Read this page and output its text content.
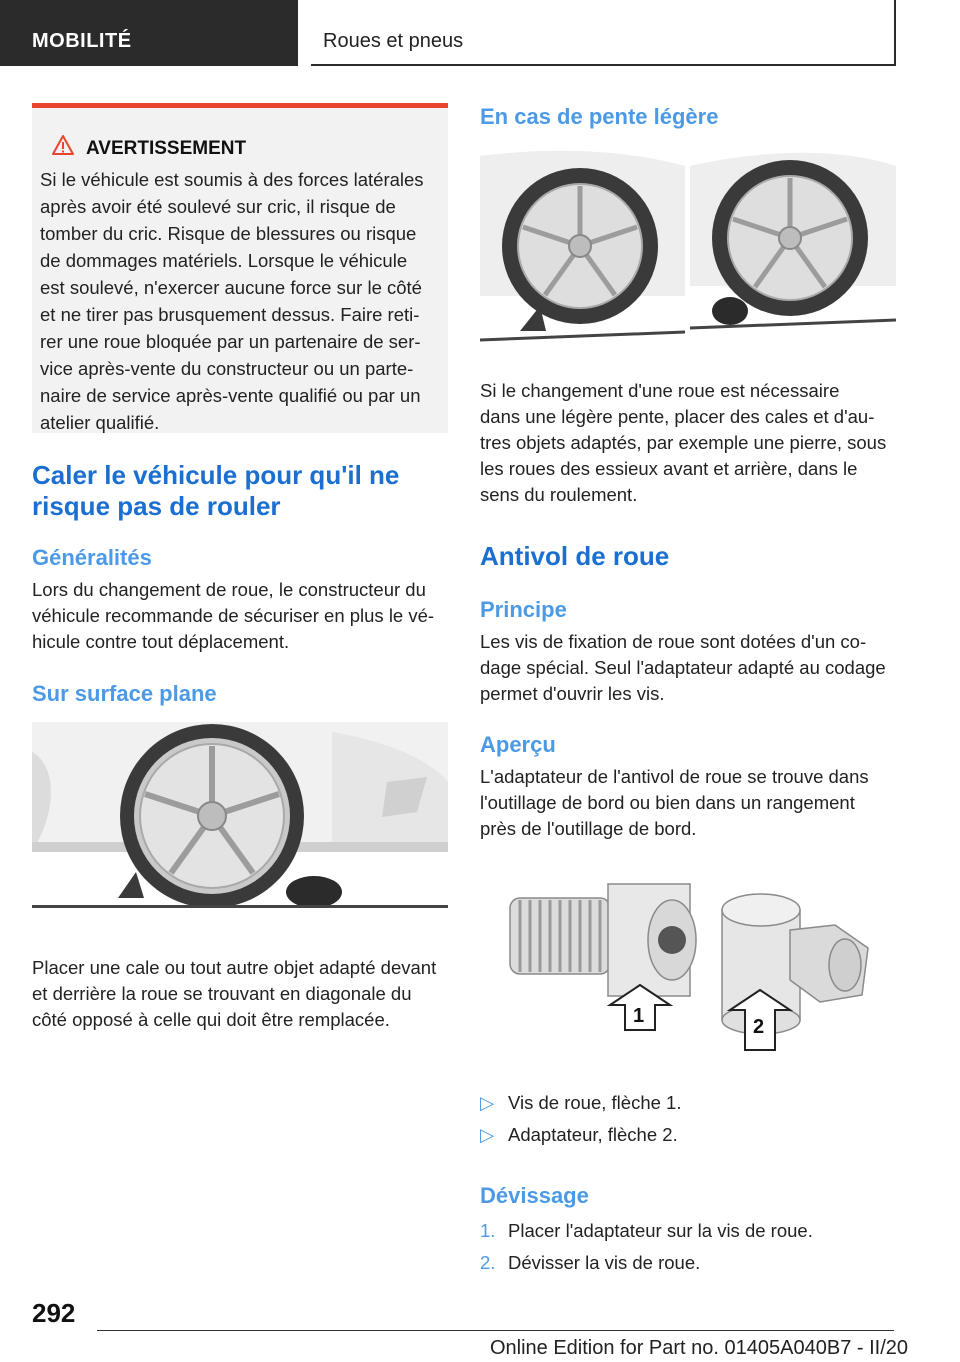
MOBILITÉ	Roues et pneus
AVERTISSEMENT
Si le véhicule est soumis à des forces latérales
après avoir été soulevé sur cric, il risque de
tomber du cric. Risque de blessures ou risque
de dommages matériels. Lorsque le véhicule
est soulevé, n'exercer aucune force sur le côté
et ne tirer pas brusquement dessus. Faire reti-
rer une roue bloquée par un partenaire de ser-
vice après-vente du constructeur ou un parte-
naire de service après-vente qualifié ou par un
atelier qualifié.
Caler le véhicule pour qu'il ne
risque pas de rouler
Généralités
Lors du changement de roue, le constructeur du
véhicule recommande de sécuriser en plus le vé-
hicule contre tout déplacement.
Sur surface plane
Placer une cale ou tout autre objet adapté devant
et derrière la roue se trouvant en diagonale du
côté opposé à celle qui doit être remplacée.
En cas de pente légère
Si le changement d'une roue est nécessaire
dans une légère pente, placer des cales et d'au-
tres objets adaptés, par exemple une pierre, sous
les roues des essieux avant et arrière, dans le
sens du roulement.
Antivol de roue
Principe
Les vis de fixation de roue sont dotées d'un co-
dage spécial. Seul l'adaptateur adapté au codage
permet d'ouvrir les vis.
Aperçu
L'adaptateur de l'antivol de roue se trouve dans
l'outillage de bord ou bien dans un rangement
près de l'outillage de bord.
1	2
▷ Vis de roue, flèche 1.
▷ Adaptateur, flèche 2.
Dévissage
1. Placer l'adaptateur sur la vis de roue.
2. Dévisser la vis de roue.
292
Online Edition for Part no. 01405A040B7 - II/20
